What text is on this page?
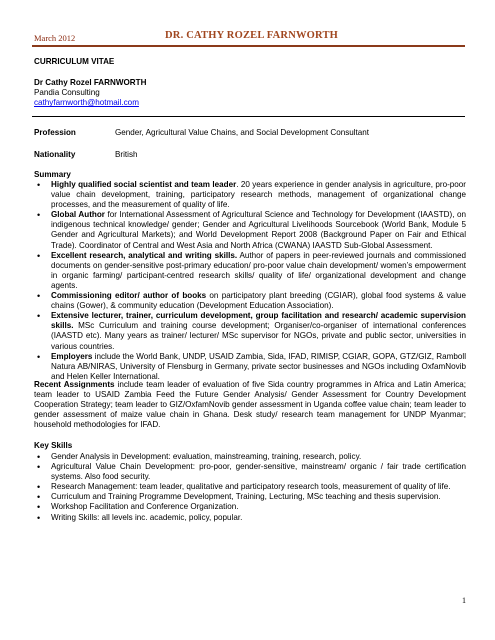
March 2012	DR. CATHY ROZEL FARNWORTH
CURRICULUM VITAE
Dr Cathy Rozel FARNWORTH
Pandia Consulting
cathyfarnworth@hotmail.com
Profession	Gender, Agricultural Value Chains, and Social Development Consultant
Nationality	British
Summary
• Highly qualified social scientist and team leader. 20 years experience in gender analysis in agriculture, pro-poor value chain development, training, participatory research methods, management of organizational change processes, and the measurement of quality of life.
• Global Author for International Assessment of Agricultural Science and Technology for Development (IAASTD), on indigenous technical knowledge/ gender; Gender and Agricultural Livelihoods Sourcebook (World Bank, Module 5 Gender and Agricultural Markets); and World Development Report 2008 (Background Paper on Fair and Ethical Trade). Coordinator of Central and West Asia and North Africa (CWANA) IAASTD Sub-Global Assessment.
• Excellent research, analytical and writing skills. Author of papers in peer-reviewed journals and commissioned documents on gender-sensitive post-primary education/ pro-poor value chain development/ women’s empowerment in organic farming/ participant-centred research skills/ quality of life/ organizational development and change agents.
• Commissioning editor/ author of books on participatory plant breeding (CGIAR), global food systems & value chains (Gower), & community education (Development Education Association).
• Extensive lecturer, trainer, curriculum development, group facilitation and research/ academic supervision skills. MSc Curriculum and training course development; Organiser/co-organiser of international conferences (IAASTD etc). Many years as trainer/ lecturer/ MSc supervisor for NGOs, private and public sector, universities in various countries.
• Employers include the World Bank, UNDP, USAID Zambia, Sida, IFAD, RIMISP, CGIAR, GOPA, GTZ/GIZ, Ramboll Natura AB/NIRAS, University of Flensburg in Germany, private sector businesses and NGOs including OxfamNovib and Helen Keller International.
Recent Assignments include team leader of evaluation of five Sida country programmes in Africa and Latin America; team leader to USAID Zambia Feed the Future Gender Analysis/ Gender Assessment for Country Development Cooperation Strategy; team leader to GIZ/OxfamNovib gender assessment in Uganda coffee value chain; team leader to gender assessment of maize value chain in Ghana. Desk study/ research team management for UNDP Myanmar; household methodologies for IFAD.
Key Skills
• Gender Analysis in Development: evaluation, mainstreaming, training, research, policy.
• Agricultural Value Chain Development: pro-poor, gender-sensitive, mainstream/ organic / fair trade certification systems. Also food security.
• Research Management: team leader, qualitative and participatory research tools, measurement of quality of life.
• Curriculum and Training Programme Development, Training, Lecturing, MSc teaching and thesis supervision.
• Workshop Facilitation and Conference Organization.
• Writing Skills: all levels inc. academic, policy, popular.
1
